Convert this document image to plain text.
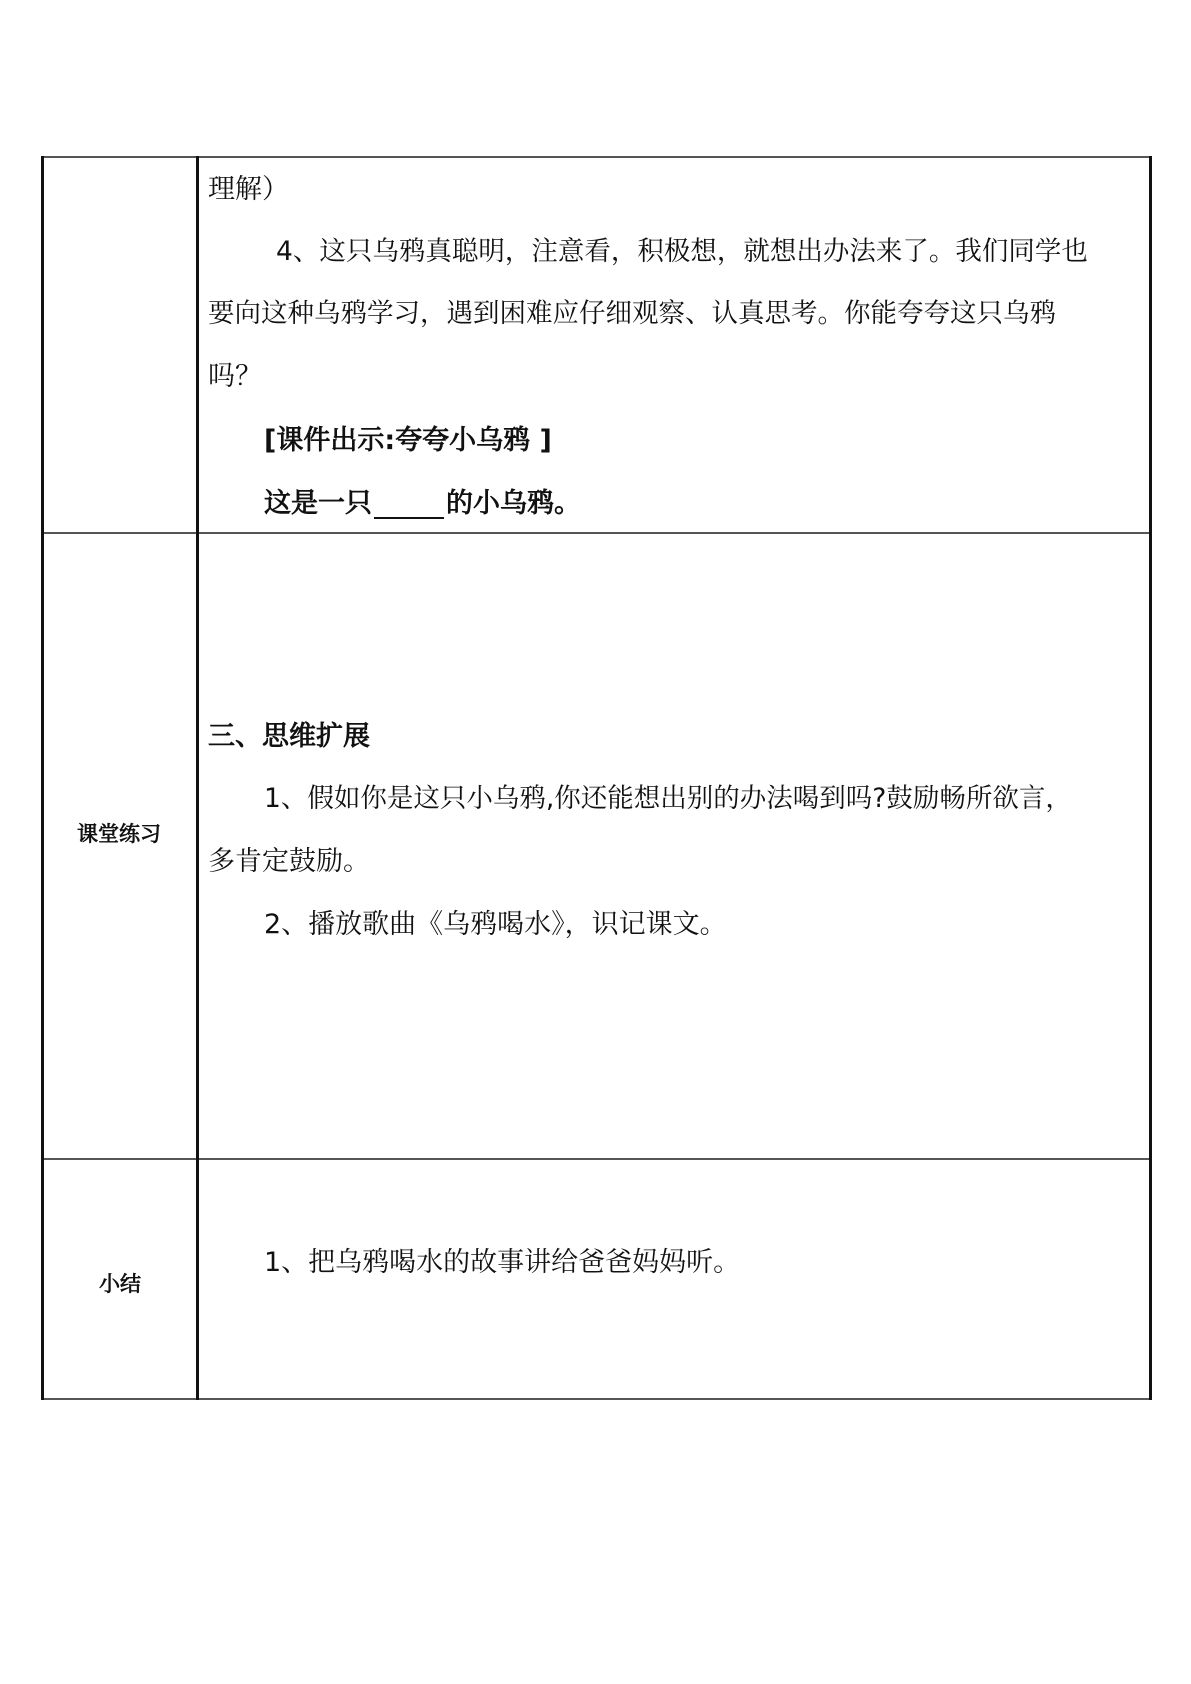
理解）
4、这只乌鸦真聪明，注意看，积极想，就想出办法来了。我们同学也
要向这种乌鸦学习，遇到困难应仔细观察、认真思考。你能夸夸这只乌鸦
吗？
[课件出示:夸夸小乌鸦 ]
这是一只	的小乌鸦。
课堂练习
三、思维扩展
1、假如你是这只小乌鸦,你还能想出别的办法喝到吗?鼓励畅所欲言，
多肯定鼓励。
2、播放歌曲《乌鸦喝水》，识记课文。
小结
1、把乌鸦喝水的故事讲给爸爸妈妈听。
